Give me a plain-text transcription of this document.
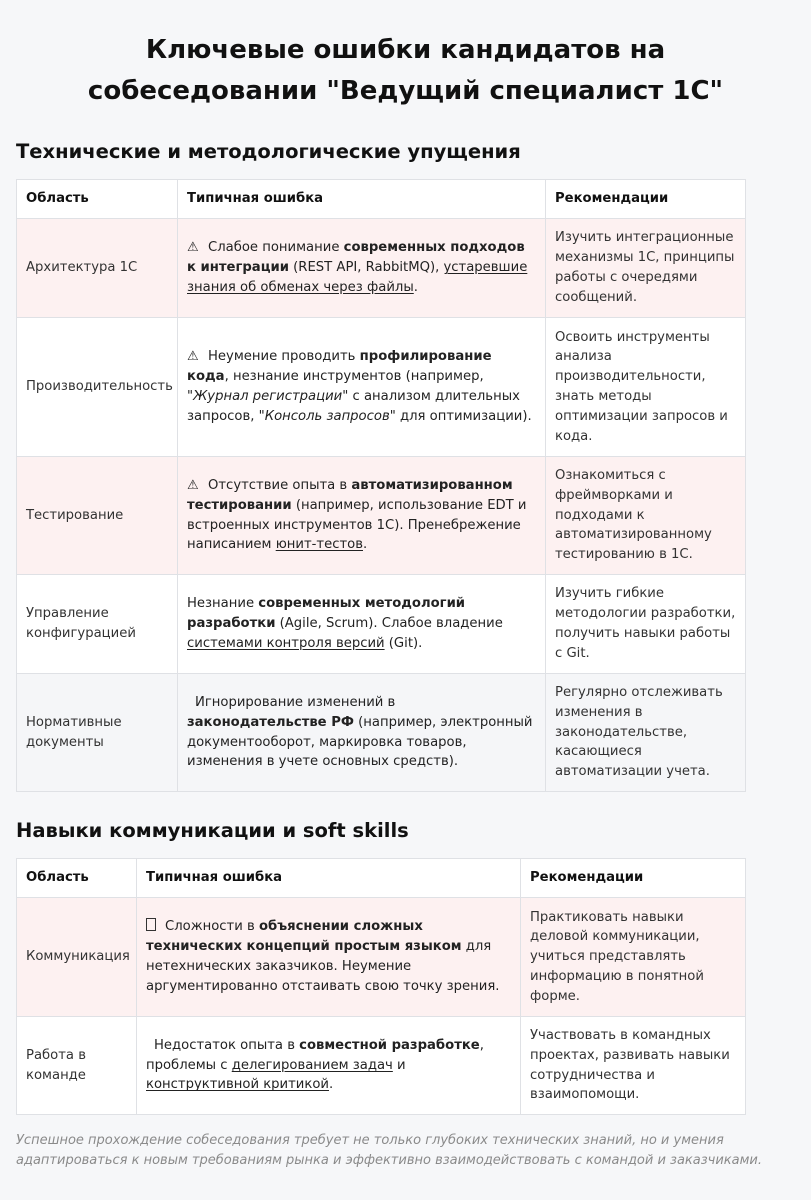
Ключевые ошибки кандидатов на
собеседовании "Ведущий специалист 1С"
Технические и методологические упущения
Область	Типичная ошибка	Рекомендации
Архитектура 1С	⚠ Слабое понимание современных подходов к интеграции (REST API, RabbitMQ), устаревшие знания об обменах через файлы.	Изучить интеграционные механизмы 1С, принципы работы с очередями сообщений.
Производительность	⚠ Неумение проводить профилирование кода, незнание инструментов (например, "Журнал регистрации" с анализом длительных запросов, "Консоль запросов" для оптимизации).	Освоить инструменты анализа производительности, знать методы оптимизации запросов и кода.
Тестирование	⚠ Отсутствие опыта в автоматизированном тестировании (например, использование EDT и встроенных инструментов 1С). Пренебрежение написанием юнит-тестов.	Ознакомиться с фреймворками и подходами к автоматизированному тестированию в 1С.
Управление конфигурацией	Незнание современных методологий разработки (Agile, Scrum). Слабое владение системами контроля версий (Git).	Изучить гибкие методологии разработки, получить навыки работы с Git.
Нормативные документы	Игнорирование изменений в законодательстве РФ (например, электронный документооборот, маркировка товаров, изменения в учете основных средств).	Регулярно отслеживать изменения в законодательстве, касающиеся автоматизации учета.
Навыки коммуникации и soft skills
Область	Типичная ошибка	Рекомендации
Коммуникация	Сложности в объяснении сложных технических концепций простым языком для нетехнических заказчиков. Неумение аргументированно отстаивать свою точку зрения.	Практиковать навыки деловой коммуникации, учиться представлять информацию в понятной форме.
Работа в команде	Недостаток опыта в совместной разработке, проблемы с делегированием задач и конструктивной критикой.	Участвовать в командных проектах, развивать навыки сотрудничества и взаимопомощи.

Успешное прохождение собеседования требует не только глубоких технических знаний, но и умения адаптироваться к новым требованиям рынка и эффективно взаимодействовать с командой и заказчиками.
